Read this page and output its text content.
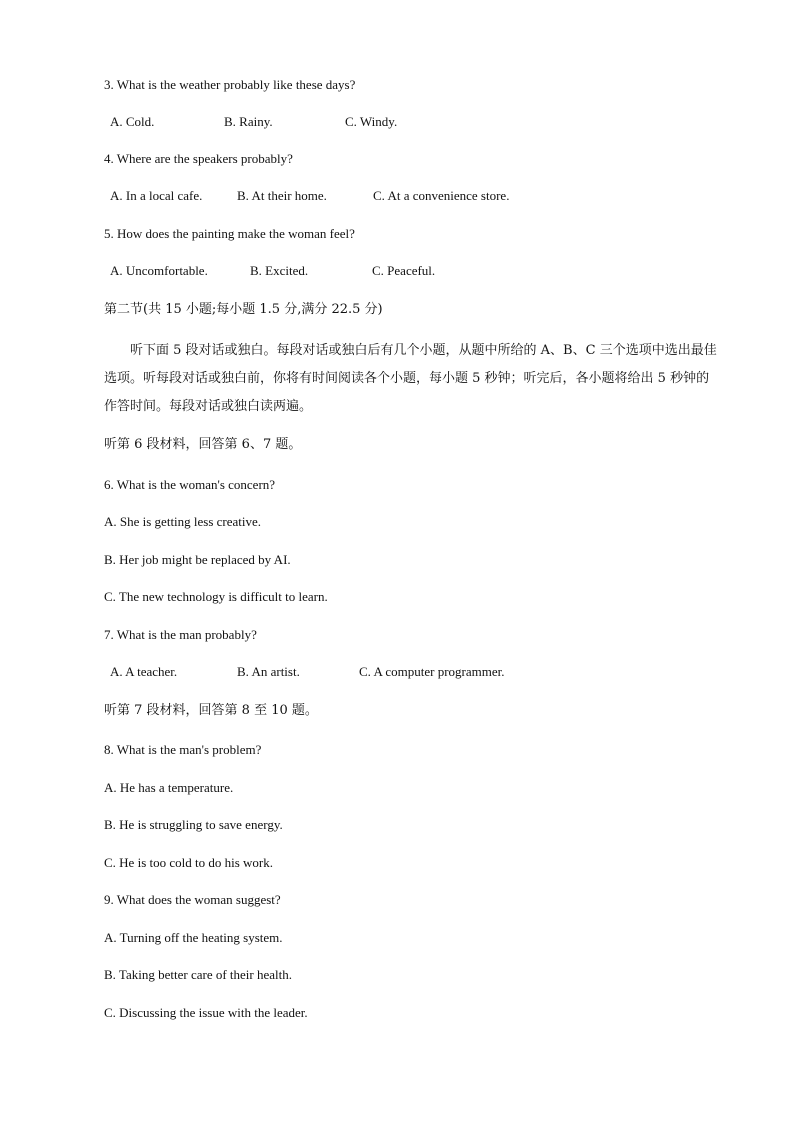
3. What is the weather probably like these days?
A. Cold.	B. Rainy.	C. Windy.
4. Where are the speakers probably?
A. In a local cafe.	B. At their home.	C. At a convenience store.
5. How does the painting make the woman feel?
A. Uncomfortable.	B. Excited.	C. Peaceful.
第二节(共 15 小题;每小题 1.5 分,满分 22.5 分)

听下面 5 段对话或独白。每段对话或独白后有几个小题，从题中所给的 A、B、C 三个选项中选出最佳选项。听每段对话或独白前，你将有时间阅读各个小题，每小题 5 秒钟；听完后，各小题将给出 5 秒钟的作答时间。每段对话或独白读两遍。

听第 6 段材料，回答第 6、7 题。
6. What is the woman's concern?
A. She is getting less creative.
B. Her job might be replaced by AI.
C. The new technology is difficult to learn.
7. What is the man probably?
A. A teacher.	B. An artist.	C. A computer programmer.
听第 7 段材料，回答第 8 至 10 题。
8. What is the man's problem?
A. He has a temperature.
B. He is struggling to save energy.
C. He is too cold to do his work.
9. What does the woman suggest?
A. Turning off the heating system.
B. Taking better care of their health.
C. Discussing the issue with the leader.
